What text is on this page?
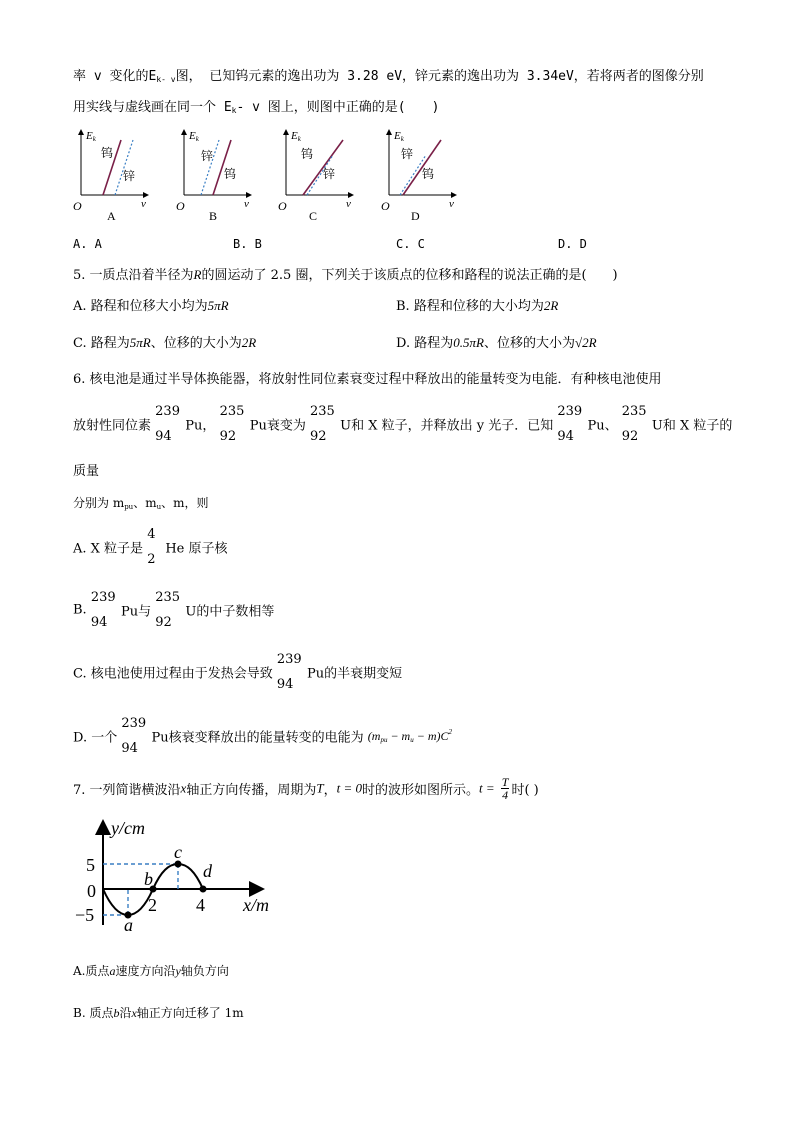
率 v 变化的Ek- v图， 已知钨元素的逸出功为 3.28 eV，锌元素的逸出功为 3.34eV，若将两者的图像分别
用实线与虚线画在同一个 Ek- v 图上，则图中正确的是(　　)
Ek
钨
锌
O	v
A
Ek
锌
钨
O	v
B
Ek
钨
锌
O	v
C
Ek
锌
钨
O	v
D
A. A	B. B	C. C	D. D
5. 一质点沿着半径为R的圆运动了 2.5 圈，下列关于该质点的位移和路程的说法正确的是(　　)
A. 路程和位移大小均为5πR	B. 路程和位移的大小均为2R
C. 路程为5πR、位移的大小为2R	D. 路程为0.5πR、位移的大小为√2R
6. 核电池是通过半导体换能器，将放射性同位素衰变过程中释放出的能量转变为电能．有种核电池使用
放射性同位素
239
94
Pu，
235
92
Pu衰变为
235
92
U和 X 粒子，并释放出 y 光子．已知
239
94
Pu、
235
92
U和 X 粒子的
质量
分别为 mpu、mu、m，则
A. X 粒子是
4
2
He 原子核
B.
239
94
Pu与
235
92
U的中子数相等
C. 核电池使用过程由于发热会导致
239
94
Pu的半衰期变短
D. 一个
239
94
Pu核衰变释放出的能量转变的电能为 (mpu − mu − $m)C^2$
7. 一列简谐横波沿x轴正方向传播，周期为T，t = 0时的波形如图所示。$t = \frac{T}{4}$ 时( )
y/cm
x/m
5
0
−5	2 4
a
b
c
d
A.质点a速度方向沿y轴负方向
B. 质点b沿x轴正方向迁移了 1m
